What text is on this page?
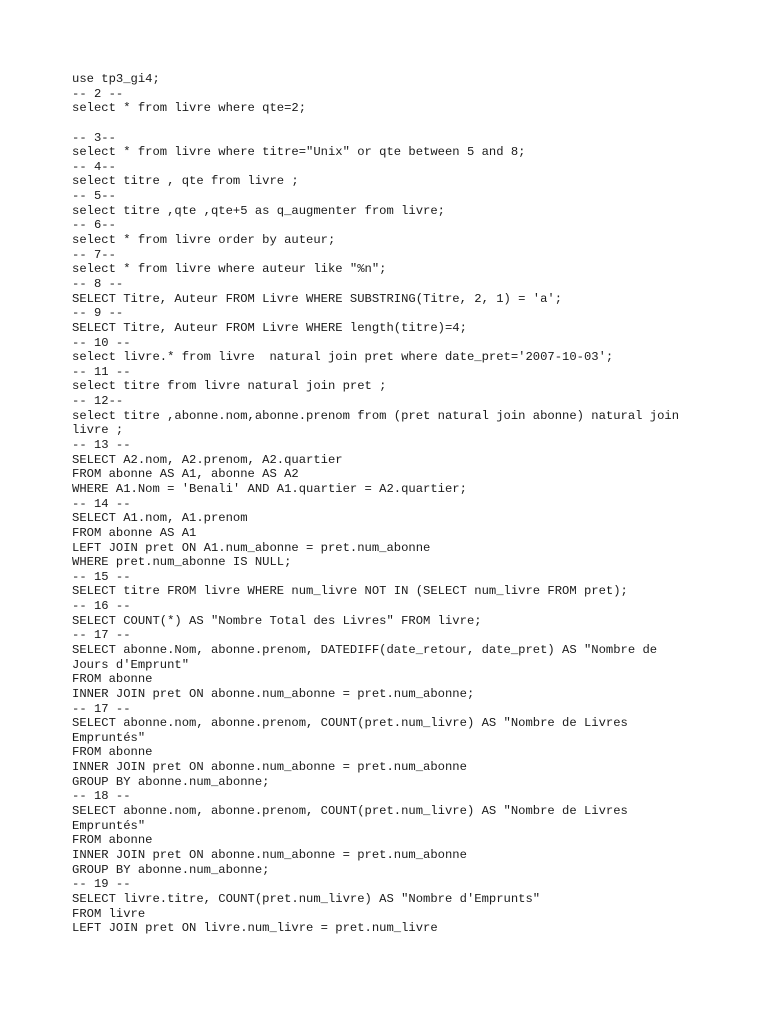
use tp3_gi4;
-- 2 --
select * from livre where qte=2;
-- 3--
select * from livre where titre="Unix" or qte between 5 and 8;
-- 4--
select titre , qte from livre ;
-- 5--
select titre ,qte ,qte+5 as q_augmenter from livre;
-- 6--
select * from livre order by auteur;
-- 7--
select * from livre where auteur like "%n";
-- 8 --
SELECT Titre, Auteur FROM Livre WHERE SUBSTRING(Titre, 2, 1) = 'a';
-- 9 --
SELECT Titre, Auteur FROM Livre WHERE length(titre)=4;
-- 10 --
select livre.* from livre  natural join pret where date_pret='2007-10-03';
-- 11 --
select titre from livre natural join pret ;
-- 12--
select titre ,abonne.nom,abonne.prenom from (pret natural join abonne) natural join
livre ;
-- 13 --
SELECT A2.nom, A2.prenom, A2.quartier
FROM abonne AS A1, abonne AS A2
WHERE A1.Nom = 'Benali' AND A1.quartier = A2.quartier;
-- 14 --
SELECT A1.nom, A1.prenom
FROM abonne AS A1
LEFT JOIN pret ON A1.num_abonne = pret.num_abonne
WHERE pret.num_abonne IS NULL;
-- 15 --
SELECT titre FROM livre WHERE num_livre NOT IN (SELECT num_livre FROM pret);
-- 16 --
SELECT COUNT(*) AS "Nombre Total des Livres" FROM livre;
-- 17 --
SELECT abonne.Nom, abonne.prenom, DATEDIFF(date_retour, date_pret) AS "Nombre de
Jours d'Emprunt"
FROM abonne
INNER JOIN pret ON abonne.num_abonne = pret.num_abonne;
-- 17 --
SELECT abonne.nom, abonne.prenom, COUNT(pret.num_livre) AS "Nombre de Livres
Empruntés"
FROM abonne
INNER JOIN pret ON abonne.num_abonne = pret.num_abonne
GROUP BY abonne.num_abonne;
-- 18 --
SELECT abonne.nom, abonne.prenom, COUNT(pret.num_livre) AS "Nombre de Livres
Empruntés"
FROM abonne
INNER JOIN pret ON abonne.num_abonne = pret.num_abonne
GROUP BY abonne.num_abonne;
-- 19 --
SELECT livre.titre, COUNT(pret.num_livre) AS "Nombre d'Emprunts"
FROM livre
LEFT JOIN pret ON livre.num_livre = pret.num_livre
